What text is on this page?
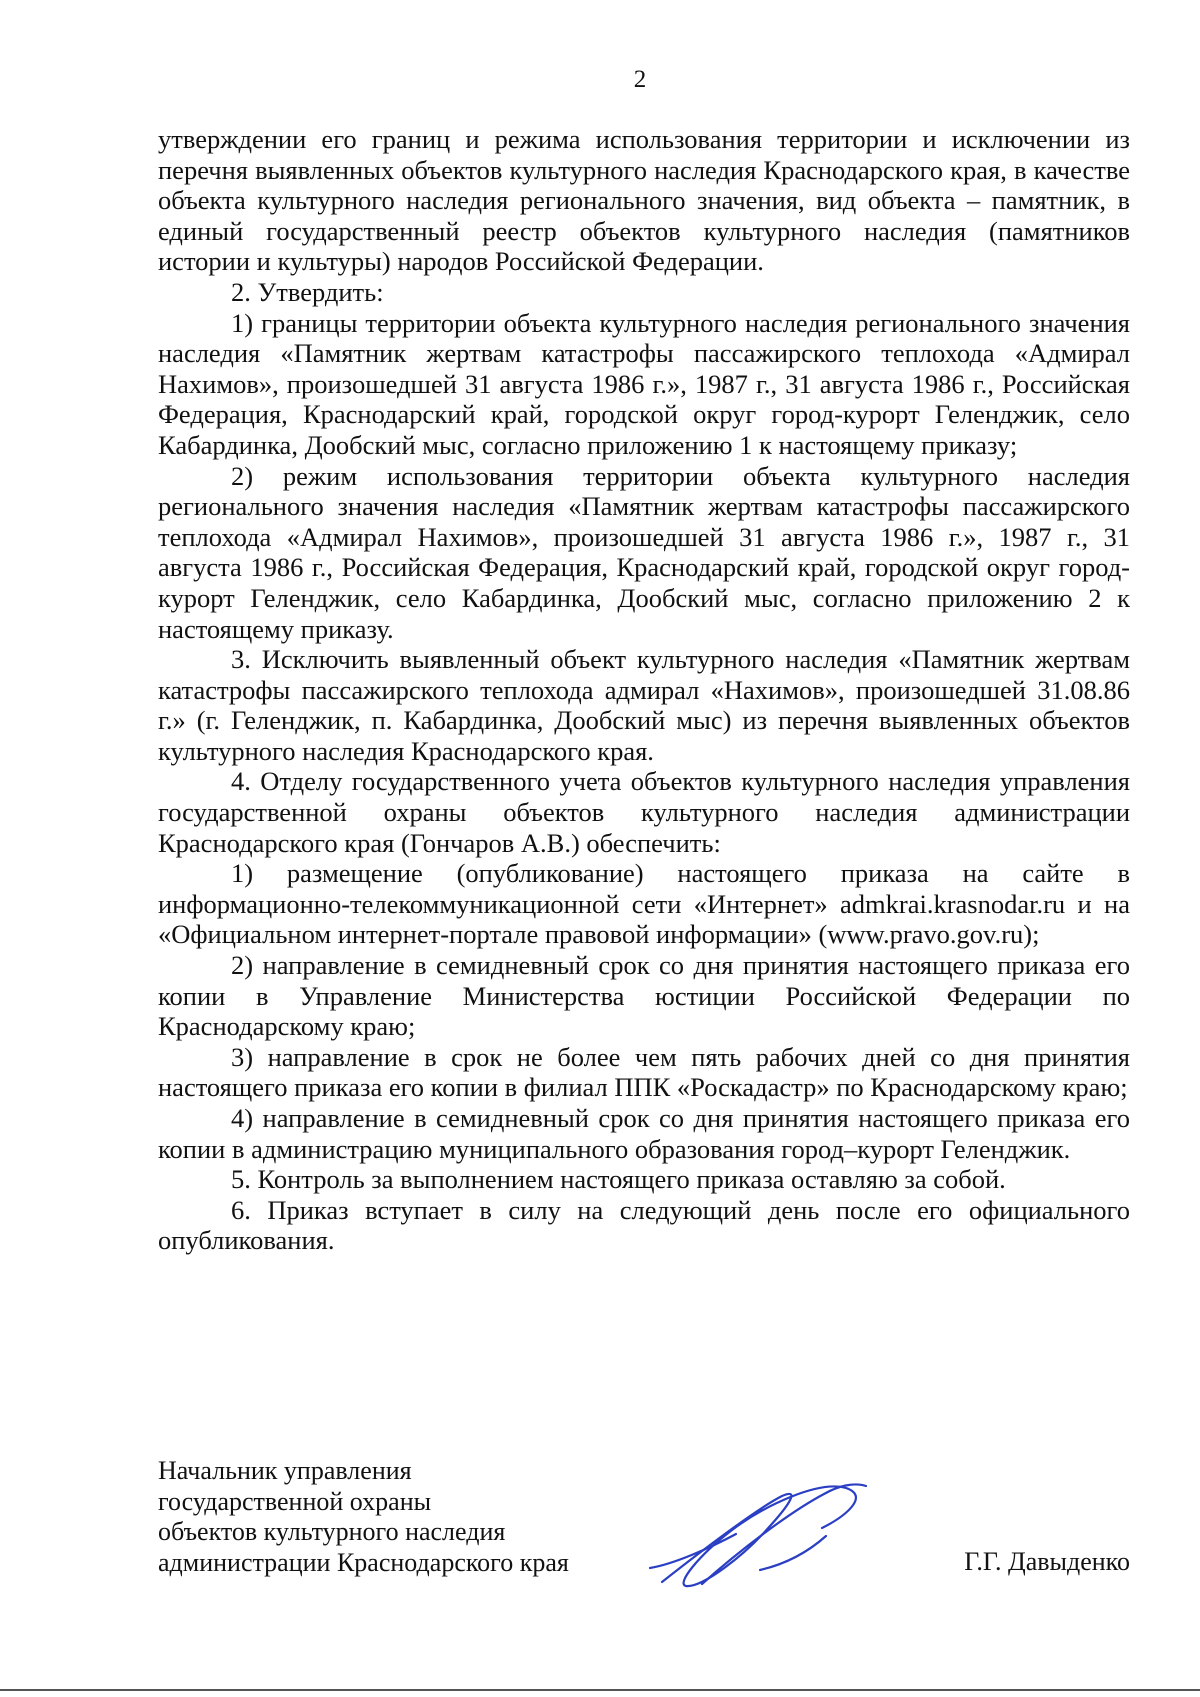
2

утверждении его границ и режима использования территории и исключении из перечня выявленных объектов культурного наследия Краснодарского края, в качестве объекта культурного наследия регионального значения, вид объекта – памятник, в единый государственный реестр объектов культурного наследия (памятников истории и культуры) народов Российской Федерации.

2. Утвердить:

1) границы территории объекта культурного наследия регионального значения наследия «Памятник жертвам катастрофы пассажирского теплохода «Адмирал Нахимов», произошедшей 31 августа 1986 г.», 1987 г., 31 августа 1986 г., Российская Федерация, Краснодарский край, городской округ город-курорт Геленджик, село Кабардинка, Дообский мыс, согласно приложению 1 к настоящему приказу;

2) режим использования территории объекта культурного наследия регионального значения наследия «Памятник жертвам катастрофы пассажирского теплохода «Адмирал Нахимов», произошедшей 31 августа 1986 г.», 1987 г., 31 августа 1986 г., Российская Федерация, Краснодарский край, городской округ город-курорт Геленджик, село Кабардинка, Дообский мыс, согласно приложению 2 к настоящему приказу.

3. Исключить выявленный объект культурного наследия «Памятник жертвам катастрофы пассажирского теплохода адмирал «Нахимов», произошедшей 31.08.86 г.» (г. Геленджик, п. Кабардинка, Дообский мыс) из перечня выявленных объектов культурного наследия Краснодарского края.

4. Отделу государственного учета объектов культурного наследия управления государственной охраны объектов культурного наследия администрации Краснодарского края (Гончаров А.В.) обеспечить:

1) размещение (опубликование) настоящего приказа на сайте в информационно-телекоммуникационной сети «Интернет» admkrai.krasnodar.ru и на «Официальном интернет-портале правовой информации» (www.pravo.gov.ru);

2) направление в семидневный срок со дня принятия настоящего приказа его копии в Управление Министерства юстиции Российской Федерации по Краснодарскому краю;

3) направление в срок не более чем пять рабочих дней со дня принятия настоящего приказа его копии в филиал ППК «Роскадастр» по Краснодарскому краю;

4) направление в семидневный срок со дня принятия настоящего приказа его копии в администрацию муниципального образования город–курорт Геленджик.

5. Контроль за выполнением настоящего приказа оставляю за собой.

6. Приказ вступает в силу на следующий день после его официального опубликования.

Начальник управления
государственной охраны
объектов культурного наследия
администрации Краснодарского края	Г.Г. Давыденко
